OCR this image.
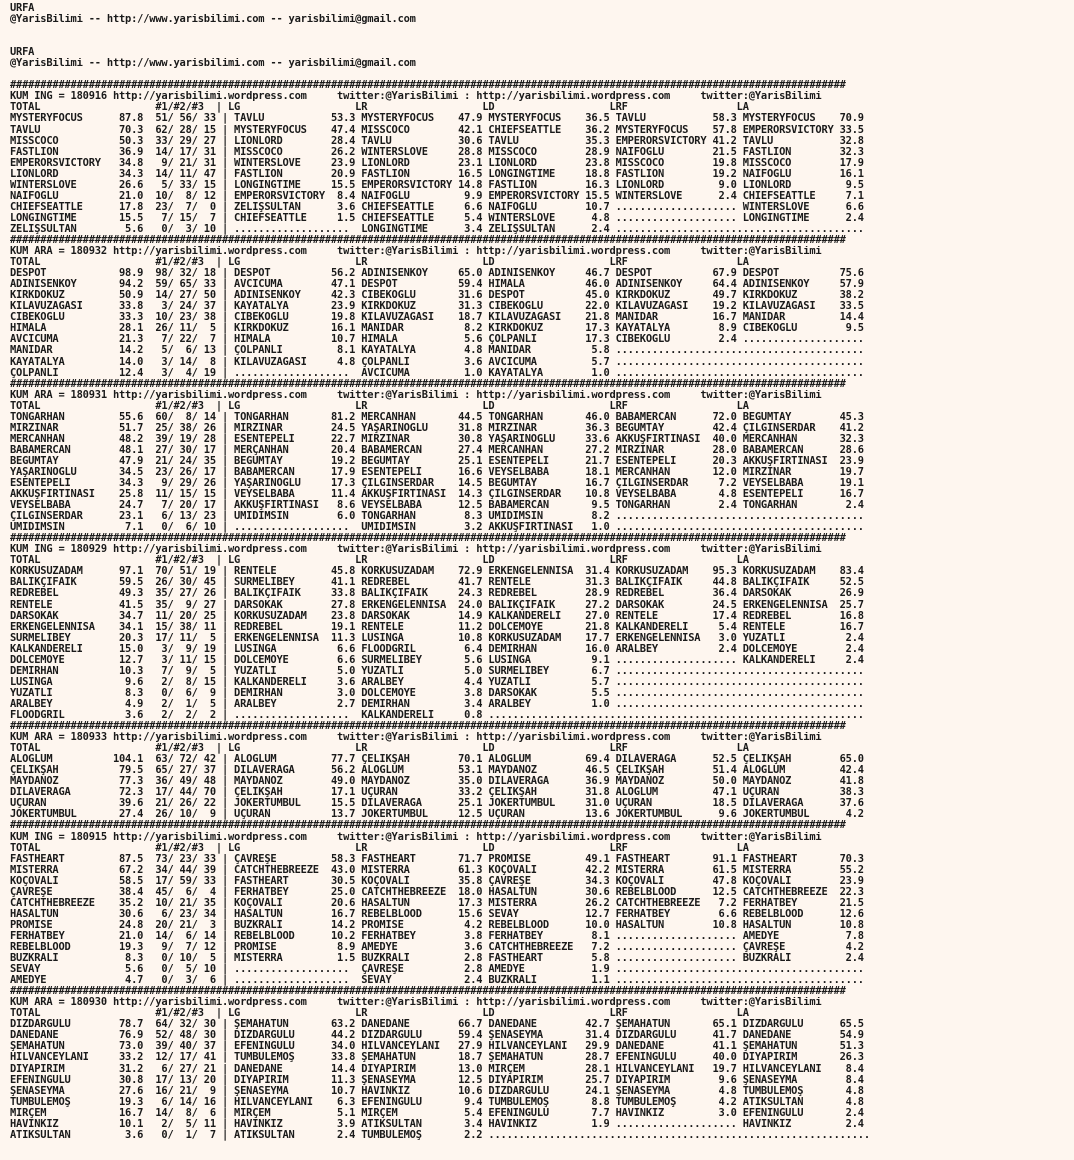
URFA
@YarisBilimi -- http://www.yarisbilimi.com -- yarisbilimi@gmail.com
URFA
@YarisBilimi -- http://www.yarisbilimi.com -- yarisbilimi@gmail.com
##########################################################################################################################################
KUM ING = 180916 http://yarisbilimi.wordpress.com     twitter:@YarisBilimi : http://yarisbilimi.wordpress.com     twitter:@YarisBilimi
TOTAL                   #1/#2/#3  | LG                   LR                   LD                   LRF                  LA
MYSTERYFOCUS      87.8  51/ 56/ 33 | TAVLU           53.3 MYSTERYFOCUS    47.9 MYSTERYFOCUS    36.5 TAVLU           58.3 MYSTERYFOCUS    70.9
TAVLU             70.3  62/ 28/ 15 | MYSTERYFOCUS    47.4 MISSCOCO        42.1 CHIEFSEATTLE    36.2 MYSTERYFOCUS    57.8 EMPERORSVICTORY 33.5
MISSCOCO          50.3  33/ 29/ 27 | LIONLORD        28.4 TAVLU           30.6 TAVLU           35.3 EMPERORSVICTORY 41.2 TAVLU           32.8
FASTLION          36.9  14/ 17/ 31 | MISSCOCO        26.2 WINTERSLOVE     28.8 MISSCOCO        28.9 NAİFOĞLU        21.5 FASTLION        32.3
EMPERORSVICTORY   34.8   9/ 21/ 31 | WINTERSLOVE     23.9 LIONLORD        23.1 LIONLORD        23.8 MISSCOCO        19.8 MISSCOCO        17.9
LIONLORD          34.3  14/ 11/ 47 | FASTLION        20.9 FASTLION        16.5 LONGINGTIME     18.8 FASTLION        19.2 NAİFOĞLU        16.1
WINTERSLOVE       26.6   5/ 33/ 15 | LONGINGTIME     15.5 EMPERORSVICTORY 14.8 FASTLION        16.3 LIONLORD         9.0 LIONLORD         9.5
NAİFOĞLU          21.0  10/  8/ 12 | EMPERORSVICTORY  8.4 NAİFOĞLU         9.9 EMPERORSVICTORY 15.5 WINTERSLOVE      2.4 CHIEFSEATTLE     7.1
CHIEFSEATTLE      17.8  23/  7/  0 | ZELİŞSULTAN      3.6 CHIEFSEATTLE     6.6 NAİFOĞLU        10.7 .................... WINTERSLOVE      6.6
LONGINGTIME       15.5   7/ 15/  7 | CHIEFSEATTLE     1.5 CHIEFSEATTLE     5.4 WINTERSLOVE      4.8 .................... LONGINGTIME      2.4
ZELİŞSULTAN        5.6   0/  3/ 10 | ...................  LONGINGTIME      3.4 ZELİŞSULTAN      2.4 .........................................
##########################################################################################################################################
KUM ARA = 180932 http://yarisbilimi.wordpress.com     twitter:@YarisBilimi : http://yarisbilimi.wordpress.com     twitter:@YarisBilimi
TOTAL                   #1/#2/#3  | LG                   LR                   LD                   LRF                  LA
DESPOT            98.9  98/ 32/ 18 | DESPOT          56.2 ADINISENKOY     65.0 ADINISENKOY     46.7 DESPOT          67.9 DESPOT          75.6
ADINISENKOY       94.2  59/ 65/ 33 | AVCICUMA        47.1 DESPOT          59.4 HIMALA          46.0 ADINISENKOY     64.4 ADINISENKOY     57.9
KIRKDOKUZ         50.9  14/ 27/ 50 | ADINISENKOY     42.3 CİBEKOĞLU       31.6 DESPOT          45.0 KIRKDOKUZ       49.7 KIRKDOKUZ       38.2
KILAVUZAGASI      33.8   3/ 24/ 37 | KAYATALYA       23.9 KIRKDOKUZ       31.3 CİBEKOĞLU       22.0 KILAVUZAGASI    19.2 KILAVUZAGASI    33.5
CİBEKOĞLU         33.3  10/ 23/ 38 | CİBEKOĞLU       19.8 KILAVUZAGASI    18.7 KILAVUZAGASI    21.8 MANİDAR         16.7 MANİDAR         14.4
HIMALA            28.1  26/ 11/  5 | KIRKDOKUZ       16.1 MANİDAR          8.2 KIRKDOKUZ       17.3 KAYATALYA        8.9 CİBEKOĞLU        9.5
AVCICUMA          21.3   7/ 22/  7 | HIMALA          10.7 HIMALA           5.6 ÇOLPANLI        17.3 CİBEKOĞLU        2.4 ....................
MANİDAR           14.2   5/  6/ 13 | ÇOLPANLI         8.1 KAYATALYA        4.8 MANİDAR          5.8 .........................................
KAYATALYA         14.0   3/ 14/  8 | KILAVUZAGASI     4.8 ÇOLPANLI         3.6 AVCICUMA         5.7 .........................................
ÇOLPANLI          12.4   3/  4/ 19 | ...................  AVCICUMA         1.0 KAYATALYA        1.0 .........................................
##########################################################################################################################################
KUM ARA = 180931 http://yarisbilimi.wordpress.com     twitter:@YarisBilimi : http://yarisbilimi.wordpress.com     twitter:@YarisBilimi
TOTAL                   #1/#2/#3  | LG                   LR                   LD                   LRF                  LA
TONGARHAN         55.6  60/  8/ 14 | TONGARHAN       81.2 MERCANHAN       44.5 TONGARHAN       46.0 BABAMERCAN      72.0 BEGÜMTAY        45.3
MİRZİNAR          51.7  25/ 38/ 26 | MİRZİNAR        24.5 YAŞARINOĞLU     31.8 MİRZİNAR        36.3 BEGÜMTAY        42.4 ÇILGINSERDAR    41.2
MERCANHAN         48.2  39/ 19/ 28 | ESENTEPELİ      22.7 MİRZİNAR        30.8 YAŞARINOĞLU     33.6 AKKUŞFIRTINASI  40.0 MERCANHAN       32.3
BABAMERCAN        48.1  27/ 30/ 17 | MERÇANHAN       20.4 BABAMERCAN      27.4 MERCANHAN       27.2 MİRZİNAR        28.0 BABAMERCAN      28.6
BEGÜMTAY          47.9  21/ 24/ 35 | BEGÜMTAY        19.2 BEGÜMTAY        25.1 ESENTEPELİ      21.7 ESENTEPELİ      20.3 AKKUŞFIRTINASI  23.9
YAŞARINOĞLU       34.5  23/ 26/ 17 | BABAMERCAN      17.9 ESENTEPELİ      16.6 VEYSELBABA      18.1 MERCANHAN       12.0 MİRZİNAR        19.7
ESENTEPELİ        34.3   9/ 29/ 26 | YAŞARINOĞLU     17.3 ÇILGINSERDAR    14.5 BEGÜMTAY        16.7 ÇILGINSERDAR     7.2 VEYSELBABA      19.1
AKKUŞFIRTINASI    25.8  11/ 15/ 15 | VEYSELBABA      11.4 AKKUŞFIRTINASI  14.3 ÇILGINSERDAR    10.8 VEYSELBABA       4.8 ESENTEPELİ      16.7
VEYSELBABA        24.7   7/ 20/ 17 | AKKUŞFIRTINASI   8.6 VEYSELBABA      12.5 BABAMERCAN       9.5 TONGARHAN        2.4 TONGARHAN        2.4
ÇILGINSERDAR      23.1   6/ 13/ 23 | ÜMİDİMSİN        6.0 TONGARHAN        8.3 ÜMİDİMSİN        8.2 .........................................
ÜMİDİMSİN          7.1   0/  6/ 10 | ...................  ÜMİDİMSİN        3.2 AKKUŞFIRTINASI   1.0 .........................................
##########################################################################################################################################
KUM ING = 180929 http://yarisbilimi.wordpress.com     twitter:@YarisBilimi : http://yarisbilimi.wordpress.com     twitter:@YarisBilimi
TOTAL                   #1/#2/#3  | LG                   LR                   LD                   LRF                  LA
KORKUSUZADAM      97.1  70/ 51/ 19 | RENTELE         45.8 KORKUSUZADAM    72.9 ERKENGELENNİSA  31.4 KORKUSUZADAM    95.3 KORKUSUZADAM    83.4
BALIKÇIFAİK       59.5  26/ 30/ 45 | SÜRMELİBEY      41.1 REDREBEL        41.7 RENTELE         31.3 BALIKÇIFAİK     44.8 BALIKÇIFAİK     52.5
REDREBEL          49.3  35/ 27/ 26 | BALIKÇIFAİK     33.8 BALIKÇIFAİK     24.3 REDREBEL        28.9 REDREBEL        36.4 DARSOKAK        26.9
RENTELE           41.5  35/  9/ 27 | DARSOKAK        27.8 ERKENGELENNİSA  24.0 BALIKÇIFAİK     27.2 DARSOKAK        24.5 ERKENGELENNİSA  25.7
DARSOKAK          34.7  11/ 20/ 25 | KORKUSUZADAM    23.8 DARSOKAK        14.9 KALKANDERELİ    27.0 RENTELE         17.4 REDREBEL        16.8
ERKENGELENNİSA    34.1  15/ 38/ 11 | REDREBEL        19.1 RENTELE         11.2 DOLCEMOYE       21.8 KALKANDERELİ     5.4 RENTELE         16.7
SÜRMELİBEY        20.3  17/ 11/  5 | ERKENGELENNİSA  11.3 LUSINGA         10.8 KORKUSUZADAM    17.7 ERKENGELENNİSA   3.0 YÜZATLI          2.4
KALKANDERELİ      15.0   3/  9/ 19 | LUSINGA          6.6 FLOODGRIL        6.4 DEMİRHAN        16.0 ARALBEY          2.4 DOLCEMOYE        2.4
DOLCEMOYE         12.7   3/ 11/ 15 | DOLCEMOYE        6.6 SÜRMELİBEY       5.6 LUSINGA          9.1 .................... KALKANDERELİ     2.4
DEMİRHAN          10.3   7/  9/  5 | YÜZATLI          5.0 YÜZATLI          5.0 SÜRMELİBEY       6.7 .........................................
LUSINGA            9.6   2/  8/ 15 | KALKANDERELİ     3.6 ARALBEY          4.4 YÜZATLI          5.7 .........................................
YÜZATLI            8.3   0/  6/  9 | DEMİRHAN         3.0 DOLCEMOYE        3.8 DARSOKAK         5.5 .........................................
ARALBEY            4.9   2/  1/  5 | ARALBEY          2.7 DEMİRHAN         3.4 ARALBEY          1.0 .........................................
FLOODGRIL          3.6   2/  2/  2 | ...................  KALKANDERELİ     0.8 ..............................................................
##########################################################################################################################################
KUM ARA = 180933 http://yarisbilimi.wordpress.com     twitter:@YarisBilimi : http://yarisbilimi.wordpress.com     twitter:@YarisBilimi
TOTAL                   #1/#2/#3  | LG                   LR                   LD                   LRF                  LA
ALOGLUM          104.1  63/ 72/ 42 | ALOGLUM         77.7 ÇELİKŞAH        70.1 ALOGLUM         69.4 DİLAVERAĞA      52.5 ÇELİKŞAH        65.0
ÇELİKŞAH          79.5  65/ 27/ 37 | DİLAVERAĞA      56.2 ALOGLUM         53.1 MAYDANOZ        46.5 ÇELİKŞAH        51.4 ALOGLUM         42.4
MAYDANOZ          77.3  36/ 49/ 48 | MAYDANOZ        49.0 MAYDANOZ        35.0 DİLAVERAĞA      36.9 MAYDANOZ        50.0 MAYDANOZ        41.8
DİLAVERAĞA        72.3  17/ 44/ 70 | ÇELİKŞAH        17.1 UÇURAN          33.2 ÇELİKŞAH        31.8 ALOGLUM         47.1 UÇURAN          38.3
UÇURAN            39.6  21/ 26/ 22 | JOKERTUMBUL     15.5 DİLAVERAĞA      25.1 JOKERTUMBUL     31.0 UÇURAN          18.5 DİLAVERAĞA      37.6
JOKERTUMBUL       27.4  26/ 10/  9 | UÇURAN          13.7 JOKERTUMBUL     12.5 UÇURAN          13.6 JOKERTUMBUL      9.6 JOKERTUMBUL      4.2
##########################################################################################################################################
KUM ING = 180915 http://yarisbilimi.wordpress.com     twitter:@YarisBilimi : http://yarisbilimi.wordpress.com     twitter:@YarisBilimi
TOTAL                   #1/#2/#3  | LG                   LR                   LD                   LRF                  LA
FASTHEART         87.5  73/ 23/ 33 | ÇAVREŞE         58.3 FASTHEART       71.7 PROMISE         49.1 FASTHEART       91.1 FASTHEART       70.3
MISTERRA          67.2  34/ 44/ 39 | CATCHTHEBREEZE  43.0 MISTERRA        61.3 KOÇOVALI        42.2 MISTERRA        61.5 MISTERRA        55.2
KOÇOVALI          58.5  17/ 59/ 33 | FASTHEART       30.5 KOÇOVALI        35.8 ÇAVREŞE         34.3 KOÇOVALI        47.8 KOÇOVALI        23.9
ÇAVREŞE           38.4  45/  6/  4 | FERHATBEY       25.0 CATCHTHEBREEZE  18.0 HASALTUN        30.6 REBELBLOOD      12.5 CATCHTHEBREEZE  22.3
CATCHTHEBREEZE    35.2  10/ 21/ 35 | KOÇOVALI        20.6 HASALTUN        17.3 MISTERRA        26.2 CATCHTHEBREEZE   7.2 FERHATBEY       21.5
HASALTUN          30.6   6/ 23/ 34 | HASALTUN        16.7 REBELBLOOD      15.6 SEVAY           12.7 FERHATBEY        6.6 REBELBLOOD      12.6
PROMISE           24.8  20/ 21/  3 | BUZKRALI        14.2 PROMISE          4.2 REBELBLOOD      10.0 HASALTUN        10.8 HASALTUN        10.8
FERHATBEY         21.0  14/  6/ 14 | REBELBLOOD      10.2 FERHATBEY        3.8 FERHATBEY        8.1 .................... AMEDYE           7.8
REBELBLOOD        19.3   9/  7/ 12 | PROMISE          8.9 AMEDYE           3.6 CATCHTHEBREEZE   7.2 .................... ÇAVREŞE          4.2
BUZKRALI           8.3   0/ 10/  5 | MISTERRA         1.5 BUZKRALI         2.8 FASTHEART        5.8 .................... BUZKRALI         2.4
SEVAY              5.6   0/  5/ 10 | ...................  ÇAVREŞE          2.8 AMEDYE           1.9 .........................................
AMEDYE             4.7   0/  3/  6 | ...................  SEVAY            2.4 BUZKRALI         1.1 .........................................
##########################################################################################################################################
KUM ARA = 180930 http://yarisbilimi.wordpress.com     twitter:@YarisBilimi : http://yarisbilimi.wordpress.com     twitter:@YarisBilimi
TOTAL                   #1/#2/#3  | LG                   LR                   LD                   LRF                  LA
DİZDARGÜLÜ        78.7  64/ 32/ 30 | ŞEMAHATUN       63.2 DANEDANE        66.7 DANEDANE        42.7 ŞEMAHATUN       65.1 DİZDARGÜLÜ      65.5
DANEDANE          76.9  52/ 48/ 30 | DİZDARGÜLÜ      44.2 DİZDARGÜLÜ      59.4 ŞENASEYMA       31.4 DİZDARGÜLÜ      41.7 DANEDANE        54.9
ŞEMAHATUN         73.0  39/ 40/ 37 | EFENİNGÜLÜ      34.0 HİLVANCEYLANI   27.9 HİLVANCEYLANI   29.9 DANEDANE        41.1 ŞEMAHATUN       51.3
HİLVANCEYLANI     33.2  12/ 17/ 41 | TUMBÜLEMOŞ      33.8 ŞEMAHATUN       18.7 ŞEMAHATUN       28.7 EFENİNGÜLÜ      40.0 DİYAPİRİM       26.3
DİYAPİRİM         31.2   6/ 27/ 21 | DANEDANE        14.4 DİYAPİRİM       13.0 MİRÇEM          28.1 HİLVANCEYLANI   19.7 HİLVANCEYLANI    8.4
EFENİNGÜLÜ        30.8  17/ 13/ 20 | DİYAPİRİM       11.3 ŞENASEYMA       12.5 DİYAPİRİM       25.7 DİYAPİRİM        9.6 ŞENASEYMA        8.4
ŞENASEYMA         27.6  16/ 21/  9 | ŞENASEYMA       10.7 HAVİNKIZ        10.6 DİZDARGÜLÜ      24.1 ŞENASEYMA        4.8 TUMBÜLEMOŞ       4.8
TUMBÜLEMOŞ        19.3   6/ 14/ 16 | HİLVANCEYLANI    6.3 EFENİNGÜLÜ       9.4 TUMBÜLEMOŞ       8.8 TUMBÜLEMOŞ       4.2 ATİKSULTAN       4.8
MİRÇEM            16.7  14/  8/  6 | MİRÇEM           5.1 MİRÇEM           5.4 EFENİNGÜLÜ       7.7 HAVİNKIZ         3.0 EFENİNGÜLÜ       2.4
HAVİNKIZ          10.1   2/  5/ 11 | HAVİNKIZ         3.9 ATİKSULTAN       3.4 HAVİNKIZ         1.9 .................... HAVİNKIZ         2.4
ATİKSULTAN         3.6   0/  1/  7 | ATİKSULTAN       2.4 TUMBÜLEMOŞ       2.2 ...............................................................
